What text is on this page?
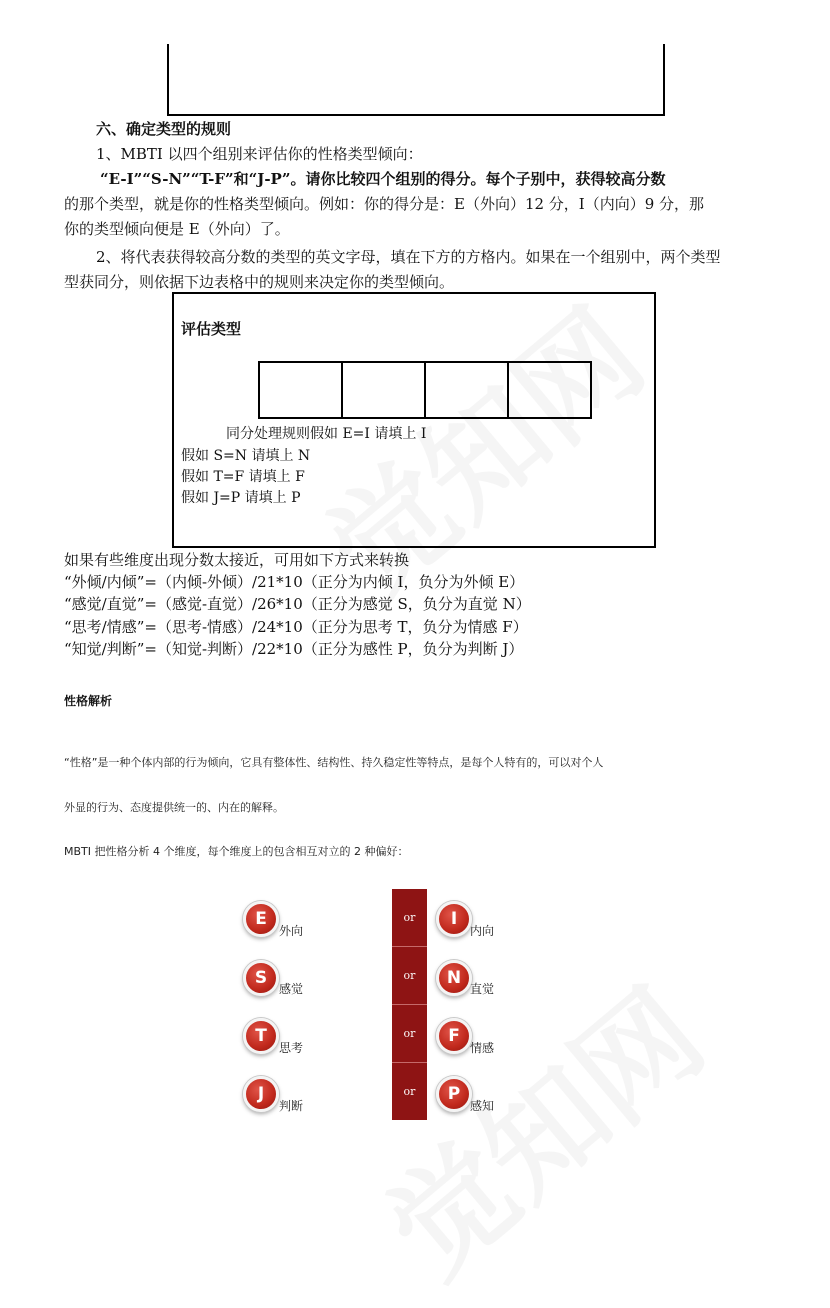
六、确定类型的规则
1、MBTI 以四个组别来评估你的性格类型倾向：
“E-I”“S-N”“T-F”和“J-P”。请你比较四个组别的得分。每个子别中，获得较高分数
的那个类型，就是你的性格类型倾向。例如：你的得分是：E（外向）12 分，I（内向）9 分，那
你的类型倾向便是 E（外向）了。
2、将代表获得较高分数的类型的英文字母，填在下方的方格内。如果在一个组别中，两个类型
型获同分，则依据下边表格中的规则来决定你的类型倾向。
评估类型
同分处理规则假如 E=I 请填上 I
假如 S=N 请填上 N
假如 T=F 请填上 F
假如 J=P 请填上 P
如果有些维度出现分数太接近，可用如下方式来转换
“外倾/内倾”=（内倾-外倾）/21*10（正分为内倾 I，负分为外倾 E）
“感觉/直觉”=（感觉-直觉）/26*10（正分为感觉 S，负分为直觉 N）
“思考/情感”=（思考-情感）/24*10（正分为思考 T，负分为情感 F）
“知觉/判断”=（知觉-判断）/22*10（正分为感性 P，负分为判断 J）
性格解析
“性格”是一种个体内部的行为倾向，它具有整体性、结构性、持久稳定性等特点，是每个人特有的，可以对个人
外显的行为、态度提供统一的、内在的解释。
MBTI 把性格分析 4 个维度，每个维度上的包含相互对立的 2 种偏好：
or
or
or
or
E
外向
I
内向
S
感觉
N
直觉
T
思考
F
情感
J
判断
P
感知
